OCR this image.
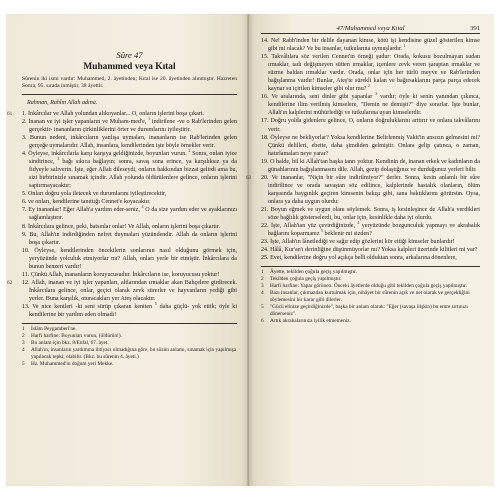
Sûre 47
Muhammed veya Kıtal
Sûrenin iki ismi vardır: Muhammed, 2. âyetinden; Kıtal ise 20. âyetinden alınmıştır. Hazreten Sonra, 95. sırada inmiştir, 38 âyettir.
Rahman, Rahîm Allah adına.

61 1. İnkârcılar ve Allah yolundan alıkoyanlar... O, onların işlerini boşa çıkart.

2. İnanan ve iyi işler yapanların ve Muham-med'e, $^1$ indirilene -ve o Rab'lerinden gelen gerçektir- inananların çirkinliklerini örter ve durumlarını iyileştirir.

3. Bunun nedeni, inkârcıların yanlışa uymaları, inananların ise Rab'lerinden gelen gerçeğe uymalarıdır. Allah, insanlara, kendilerinden işte böyle örnekler verir.

4. Öyleyse, inkârcılarla karşı karşıya geldiğinizde, boyunları vurun. $^2$ Sonra, onları iyice sindirince, $^3$ bağı sıkıca bağlayın; sonra, savaş sona erince, ya karşılıksız ya da fidyeyle salıverin. İşte, eğer Allah dileseydi, onların hakkından bizzat gelirdi ama bu, sizi birbirinizle sınamak içindir. Allah yolunda öldürülenlere gelince, onların işlerini saptırmayacaktır:

5. Onları doğru yola iletecek ve durumlarını iyileştirecektir,

6. ve onları, kendilerine tanıttığı Cennet'e koyacaktır.

7. Ey inananlar! Eğer Allah'a yardım eder-seniz, $^4$ O da size yardım eder ve ayaklarınızı sağlamlaştırır.

8. İnkârcılara gelince, peki, batsınlar onlar! Ve Allah, onların işlerini boşa çıkartır.

9. Bu, Allah'ın indirdiğinden nefret duymaları yüzündendir. Allah da onların işlerini boşa çıkartır.

10. Öyleyse, kendilerinden öncekilerin sonlarının nasıl olduğunu görmek için, yeryüzünde yolculuk etmiyorlar mı? Allah, onları yerle bir etmiştir. İnkârcılara da bunun benzeri vardır!

11. Çünkü Allah, inananların koruyucusudur. İnkârcıların ise, koruyucusu yoktur!

62 12. Allah, inanan ve iyi işler yapanları, altlarından ırmaklar akan Bahçelere girdirecek. İnkârcılara gelince, onlar, geçici olarak zevk sürerler ve hayvanların yediği gibi yerler. Buna karşılık, oturacakları yer Ateş olacaktır.

13. Ve nice kentleri -ki seni sürüp çıkaran kentten $^5$ daha güçlü- yok ettik; öyle ki kendilerine bir yardım eden olmadı!

1 İslâm Peygamberi'ne.
2 Harfi harfine: Boyunları vurun, (öldürün!).
3 Bu anlam için bkz. 8/Enfal, 67. âyet.
4 Allah'ın, insanların yardımına ihtiyacı olmadığına göre, bu sözün anlamı, sınamak için yapılmışa yapılacak tepki; olabilir. (Bkz. bu sûrenin 4. âyeti.)
5 Hz. Muhammed'in doğum yeri Mekke.
47/Muhammed veya Kıtal	391

14. Ne! Rabb'inden bir delile dayanan kimse, kötü işi kendisine güzel gösterilen kimse gibi mi olacak? Ve bu insanlar, tutkularına uymuşlardır. $^1$

15. Takvâlılara söz verilen Cennet'in örneği şudur: Orada, kokusu bozulmayan sudan ırmaklar, tadı değişmeyen sütten ırmaklar, içenlere zevk veren şaraptan ırmaklar ve süzme baldan ırmaklar vardır. Orada, onlar için her türlü meyve ve Rab'lerinden bağışlanma vardır! Bunlar, Ateş'te sürekli kalan ve bağırsaklarını parça parça edecek kaynar su içirilen kimseler gibi olur mu? $^2$

16. Ve aralarında, seni dinler gibi yapanlar $^3$ vardır; öyle ki senin yanından çıkınca, kendilerine ilim verilmiş kimselere, "Demin ne demişti?" diye sorarlar. İşte bunlar, Allah'ın kalplerini mühürlediği ve tutkularına uyan kimselerdir.

17. Doğru yolda gidenlere gelince, O, onların doğruluklarını arttırır ve onlara takvâlarını verir.

18. Öyleyse ne bekliyorlar? Yoksa kendilerine Belirlenmiş Vakit'in ansızın gelmesini mi? Çünkü delilleri, ebette, daha şimdiden gelmiştir. Onlara gelip çatınca, o zaman, hatırlamaları neye yarar?

19. O halde, bil ki Allah'tan başka tanrı yoktur. Kendinin de, inanan erkek ve kadınların da günahlarının bağışlanmasını dile. Allah, gezip dolaştığınız ve durduğunuz yerleri bilir.

63 20. Ve inananlar, "Niçin bir sûre indirilmiyor?" derler. Sonra, kesin anlamlı bir sûre indirilince ve orada savaştan söz edilince, kalplerinde hastalık olanların, ölüm karşısında baygınlık geçiren kimsenin bakışı gibi, sana baktıklarını görürsün. Oysa, onlara ya daha uygun olurdu:

21. Boyun eğmek ve uygun olanı söylemek. Sonra, iş kesinleşince de Allah'a verdikleri söze bağlılık gösterselerdi, bu, onlar için, kesinlikle daha iyi olurdu.

22. İşte, Allah'tan yüz çevirdiğinizde, $^4$ yeryüzünde bozgunculuk yapmayı ve akrabalık bağlarını koparmanız $^5$ beklenir mi sizden?

23. İşte, Allah'ın lânetlediği ve sağır edip gözlerini kör ettiği kimseler bunlardır!

24. Hâlâ, Kur'an'ı derinliğine düşünmüyorlar mı? Yoksa kalpleri üzerinde kilitleri mi var?

25. Evet, kendilerine doğru yol açıkça belli olduktan sonra, arkalarına dönenlere,

1 Âyette, tekilden çoğula geçiş yapılmıştır.
2 Tekilden çoğula geçiş yapılmıştır.
3 Harfi harfine: Yapar görünen. Önceki âyetlerde olduğu gibi tekilden çoğula geçiş yapılmıştır.
4 Bazı insanlar, çıkmazdan kurtulmak için, nihâyet bir sûrenin açık ve net olarak ve gerçekliğini söylemesini bir karar gibi dilerler.
5 "Gücü elinize geçirdiğinizde", başka bir anlam olarak: "Eğer (savaşa ilişkin) bu emre sırtınızı dönerseniz".
6 Artık akrabalarınıza iyilik etmemeniz.
